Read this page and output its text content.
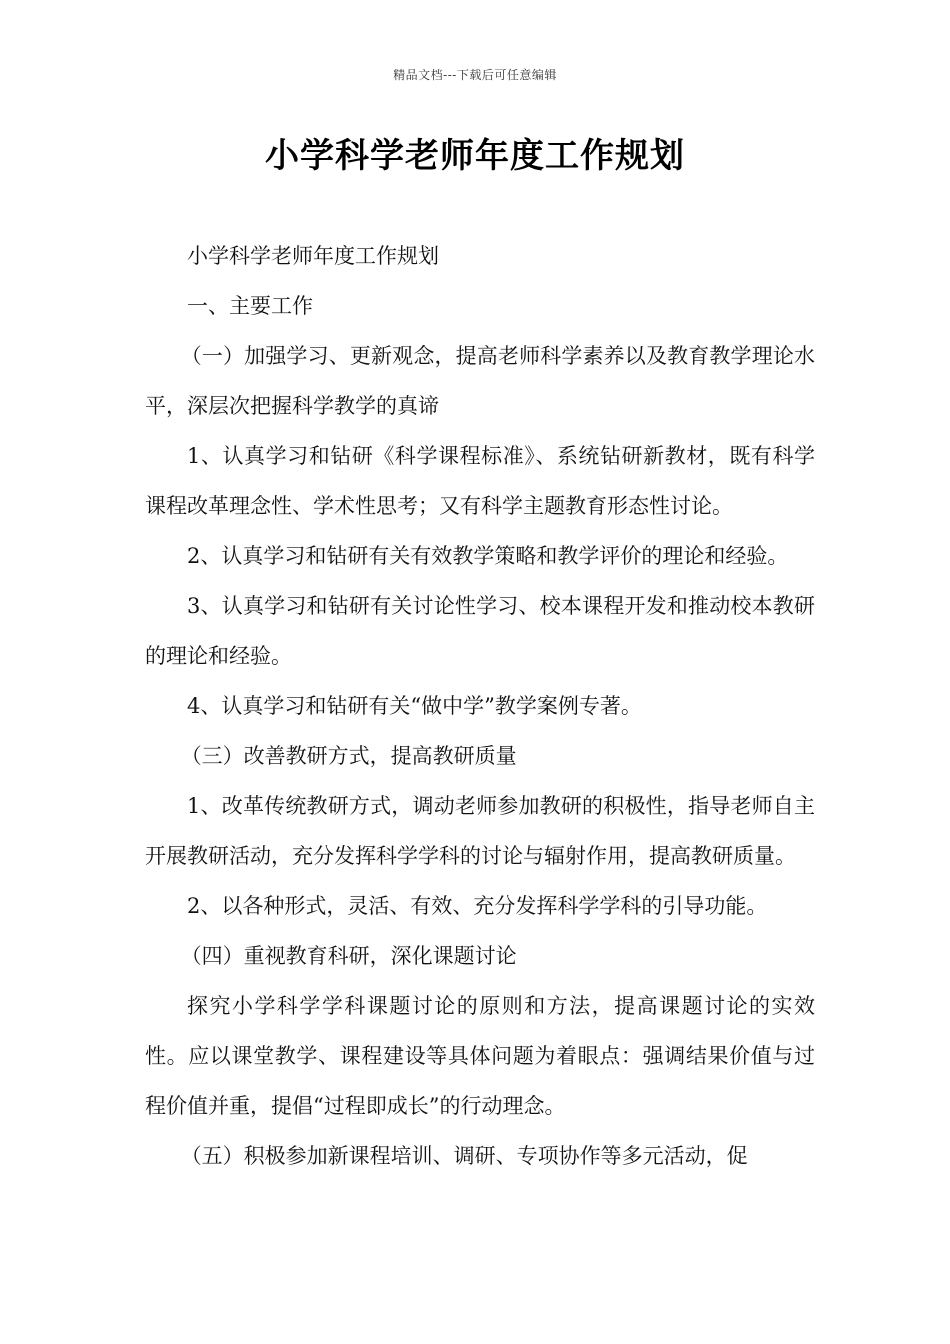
精品文档---下载后可任意编辑
小学科学老师年度工作规划

小学科学老师年度工作规划

一、主要工作

（一）加强学习、更新观念，提高老师科学素养以及教育教学理论水平，深层次把握科学教学的真谛

1、认真学习和钻研《科学课程标准》、系统钻研新教材，既有科学课程改革理念性、学术性思考；又有科学主题教育形态性讨论。

2、认真学习和钻研有关有效教学策略和教学评价的理论和经验。

3、认真学习和钻研有关讨论性学习、校本课程开发和推动校本教研的理论和经验。

4、认真学习和钻研有关“做中学”教学案例专著。

（三）改善教研方式，提高教研质量

1、改革传统教研方式，调动老师参加教研的积极性，指导老师自主开展教研活动，充分发挥科学学科的讨论与辐射作用，提高教研质量。

2、以各种形式，灵活、有效、充分发挥科学学科的引导功能。

（四）重视教育科研，深化课题讨论

探究小学科学学科课题讨论的原则和方法，提高课题讨论的实效性。应以课堂教学、课程建设等具体问题为着眼点：强调结果价值与过程价值并重，提倡“过程即成长”的行动理念。

（五）积极参加新课程培训、调研、专项协作等多元活动，促
